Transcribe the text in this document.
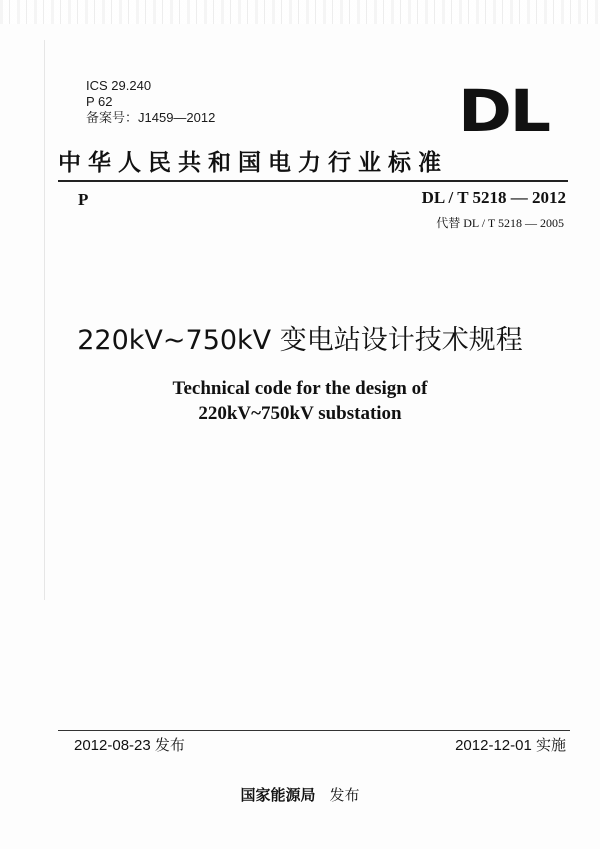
ICS 29.240
P 62
备案号：J1459—2012	DL
中华人民共和国电力行业标准
P	DL / T 5218 — 2012
代替 DL / T 5218 — 2005
220kV~750kV 变电站设计技术规程
Technical code for the design of
220kV~750kV substation
2012-08-23 发布	2012-12-01 实施
国家能源局 发布
